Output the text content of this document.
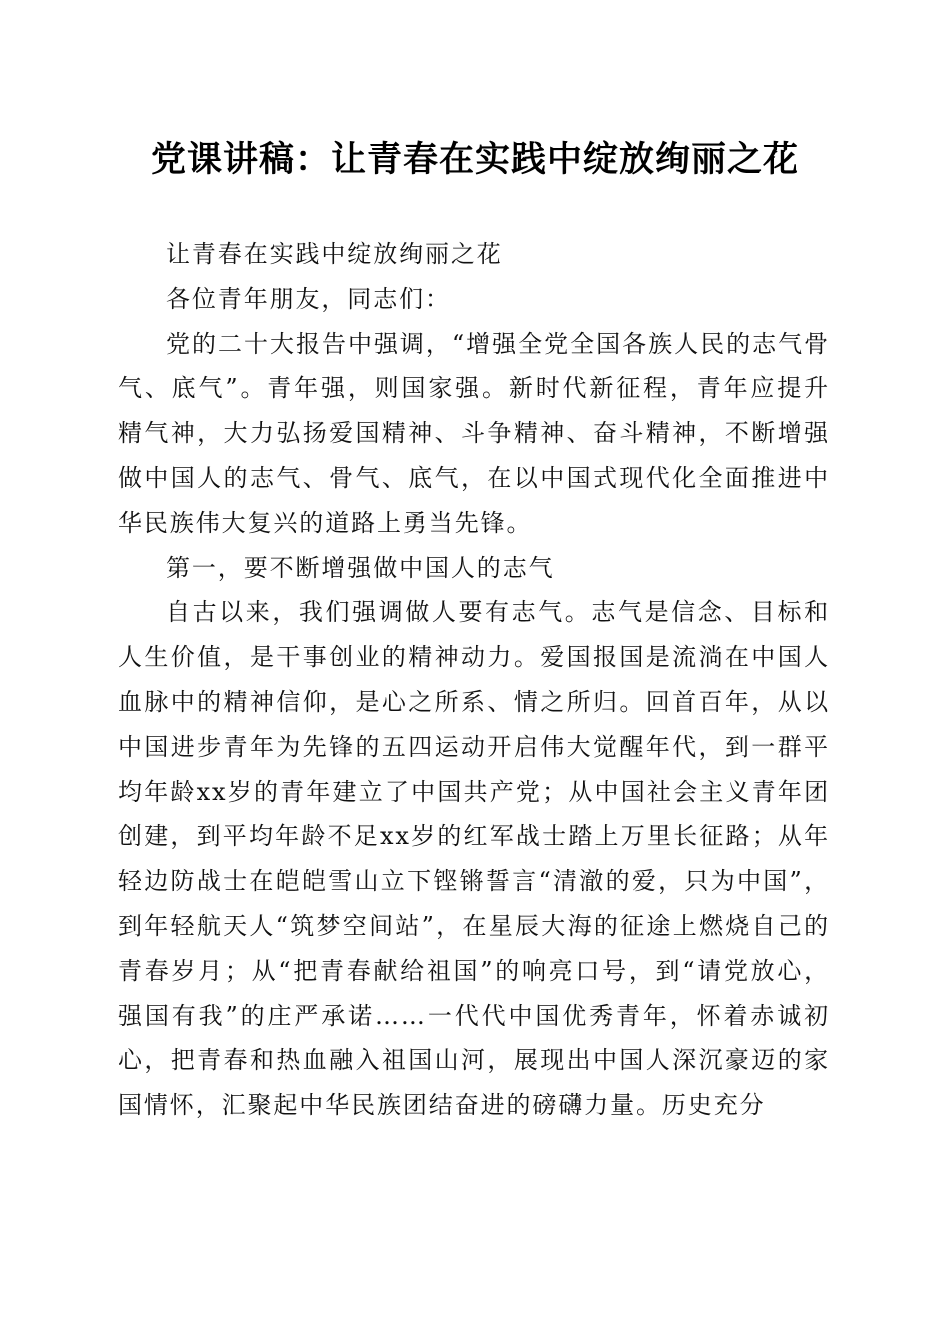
党课讲稿：让青春在实践中绽放绚丽之花

让青春在实践中绽放绚丽之花

各位青年朋友，同志们：

党的二十大报告中强调，“增强全党全国各族人民的志气骨气、底气”。青年强，则国家强。新时代新征程，青年应提升精气神，大力弘扬爱国精神、斗争精神、奋斗精神，不断增强做中国人的志气、骨气、底气，在以中国式现代化全面推进中华民族伟大复兴的道路上勇当先锋。

第一，要不断增强做中国人的志气

自古以来，我们强调做人要有志气。志气是信念、目标和人生价值，是干事创业的精神动力。爱国报国是流淌在中国人血脉中的精神信仰，是心之所系、情之所归。回首百年，从以中国进步青年为先锋的五四运动开启伟大觉醒年代，到一群平均年龄xx岁的青年建立了中国共产党；从中国社会主义青年团创建，到平均年龄不足xx岁的红军战士踏上万里长征路；从年轻边防战士在皑皑雪山立下铿锵誓言“清澈的爱，只为中国”，到年轻航天人“筑梦空间站”，在星辰大海的征途上燃烧自己的青春岁月；从“把青春献给祖国”的响亮口号，到“请党放心，强国有我”的庄严承诺……一代代中国优秀青年，怀着赤诚初心，把青春和热血融入祖国山河，展现出中国人深沉豪迈的家国情怀，汇聚起中华民族团结奋进的磅礴力量。历史充分
